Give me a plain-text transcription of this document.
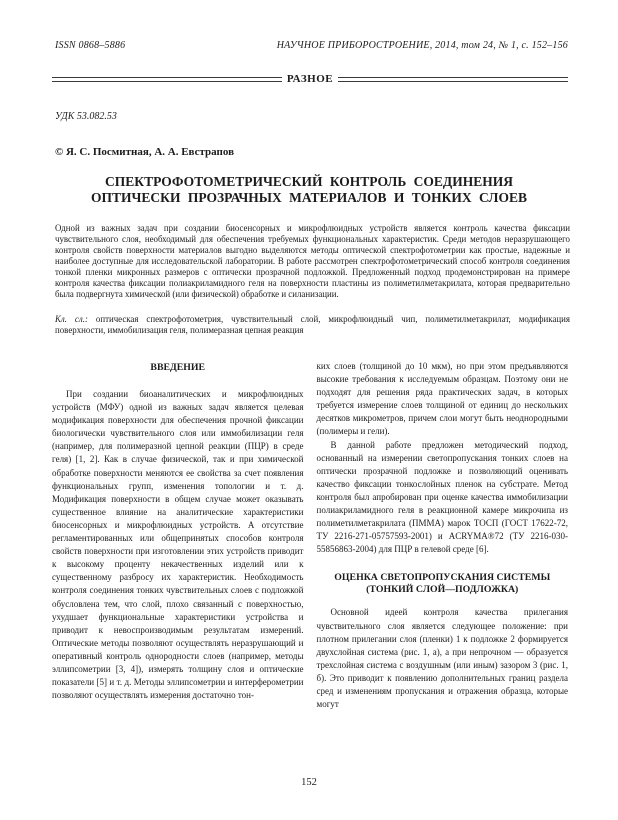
ISSN 0868–5886	НАУЧНОЕ ПРИБОРОСТРОЕНИЕ, 2014, том 24, № 1, с. 152–156
РАЗНОЕ
УДК 53.082.53
© Я. С. Посмитная, А. А. Евстрапов
СПЕКТРОФОТОМЕТРИЧЕСКИЙ КОНТРОЛЬ СОЕДИНЕНИЯ
ОПТИЧЕСКИ ПРОЗРАЧНЫХ МАТЕРИАЛОВ И ТОНКИХ СЛОЕВ
Одной из важных задач при создании биосенсорных и микрофлюидных устройств является контроль качества фиксации чувствительного слоя, необходимый для обеспечения требуемых функциональных характеристик. Среди методов неразрушающего контроля свойств поверхности материалов выгодно выделяются методы оптической спектрофотометрии как простые, надежные и наиболее доступные для исследовательской лаборатории. В работе рассмотрен спектрофотометрический способ контроля соединения тонкой пленки микронных размеров с оптически прозрачной подложкой. Предложенный подход продемонстрирован на примере контроля качества фиксации полиакриламидного геля на поверхности пластины из полиметилметакрилата, которая предварительно была подвергнута химической (или физической) обработке и силанизации.
Кл. сл.: оптическая спектрофотометрия, чувствительный слой, микрофлюидный чип, полиметилметакрилат, модификация поверхности, иммобилизация геля, полимеразная цепная реакция
ВВЕДЕНИЕ

При создании биоаналитических и микрофлюидных устройств (МФУ) одной из важных задач является целевая модификация поверхности для обеспечения прочной фиксации биологически чувствительного слоя или иммобилизации геля (например, для полимеразной цепной реакции (ПЦР) в среде геля) [1, 2]. Как в случае физической, так и при химической обработке поверхности меняются ее свойства за счет появления функциональных групп, изменения топологии и т. д. Модификация поверхности в общем случае может оказывать существенное влияние на аналитические характеристики биосенсорных и микрофлюидных устройств. А отсутствие регламентированных или общепринятых способов контроля свойств поверхности при изготовлении этих устройств приводит к высокому проценту некачественных изделий или к существенному разбросу их характеристик. Необходимость контроля соединения тонких чувствительных слоев с подложкой обусловлена тем, что слой, плохо связанный с поверхностью, ухудшает функциональные характеристики устройства и приводит к невоспроизводимым результатам измерений. Оптические методы позволяют осуществлять неразрушающий и оперативный контроль однородности слоев (например, методы эллипсометрии [3, 4]), измерять толщину слоя и оптические показатели [5] и т. д. Методы эллипсометрии и интерферометрии позволяют осуществлять измерения достаточно тон-

ких слоев (толщиной до 10 мкм), но при этом предъявляются высокие требования к исследуемым образцам. Поэтому они не подходят для решения ряда практических задач, в которых требуется измерение слоев толщиной от единиц до нескольких десятков микрометров, причем слои могут быть неоднородными (полимеры и гели).

В данной работе предложен методический подход, основанный на измерении светопропускания тонких слоев на оптически прозрачной подложке и позволяющий оценивать качество фиксации тонкослойных пленок на субстрате. Метод контроля был апробирован при оценке качества иммобилизации полиакриламидного геля в реакционной камере микрочипа из полиметилметакрилата (ПММА) марок ТОСП (ГОСТ 17622-72, ТУ 2216-271-05757593-2001) и ACRYMA®72 (ТУ 2216-030-55856863-2004) для ПЦР в гелевой среде [6].

ОЦЕНКА СВЕТОПРОПУСКАНИЯ СИСТЕМЫ
(ТОНКИЙ СЛОЙ—ПОДЛОЖКА)

Основной идеей контроля качества прилегания чувствительного слоя является следующее положение: при плотном прилегании слоя (пленки) 1 к подложке 2 формируется двухслойная система (рис. 1, а), а при непрочном — образуется трехслойная система с воздушным (или иным) зазором 3 (рис. 1, б). Это приводит к появлению дополнительных границ раздела сред и изменениям пропускания и отражения образца, которые могут

152
